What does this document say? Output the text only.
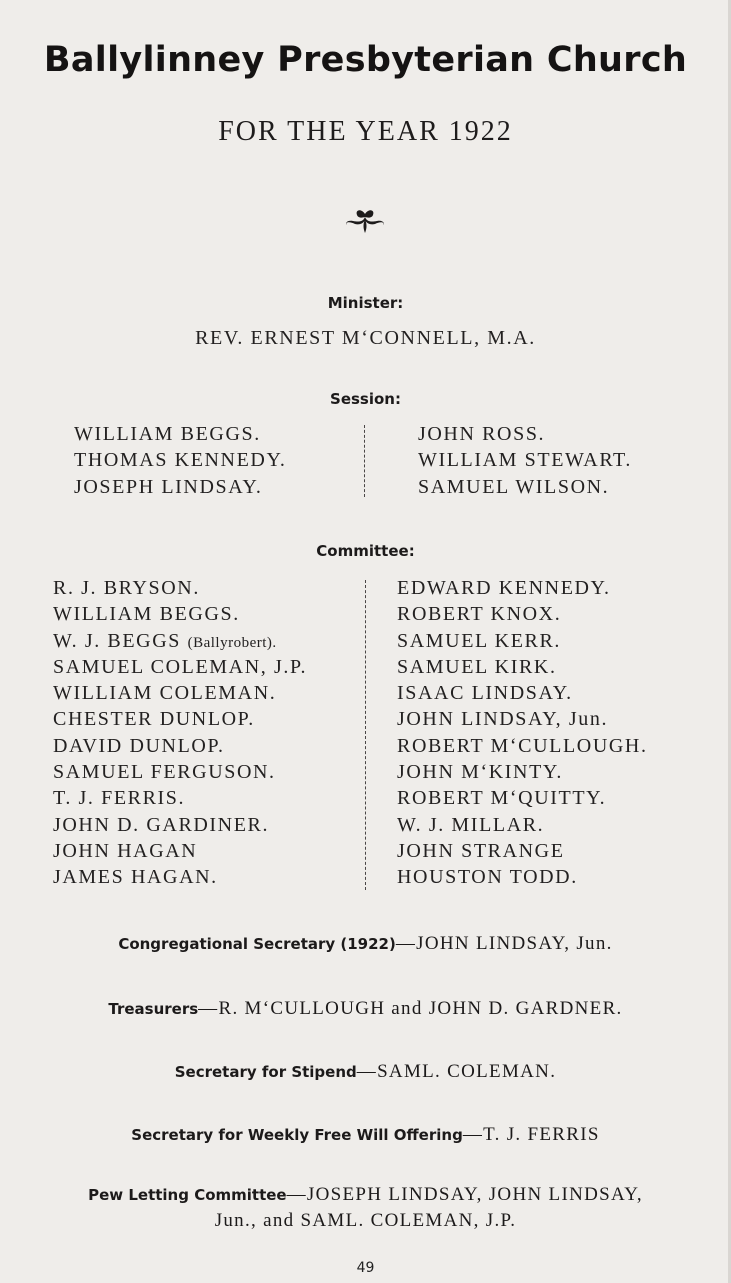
Ballylinney Presbyterian Church
FOR THE YEAR 1922
Minister:
REV. ERNEST M‘CONNELL, M.A.
Session:
WILLIAM BEGGS.
THOMAS KENNEDY.
JOSEPH LINDSAY.
JOHN ROSS.
WILLIAM STEWART.
SAMUEL WILSON.
Committee:
R. J. BRYSON.
WILLIAM BEGGS.
W. J. BEGGS (Ballyrobert).
SAMUEL COLEMAN, J.P.
WILLIAM COLEMAN.
CHESTER DUNLOP.
DAVID DUNLOP.
SAMUEL FERGUSON.
T. J. FERRIS.
JOHN D. GARDINER.
JOHN HAGAN
JAMES HAGAN.
EDWARD KENNEDY.
ROBERT KNOX.
SAMUEL KERR.
SAMUEL KIRK.
ISAAC LINDSAY.
JOHN LINDSAY, Jun.
ROBERT M‘CULLOUGH.
JOHN M‘KINTY.
ROBERT M‘QUITTY.
W. J. MILLAR.
JOHN STRANGE
HOUSTON TODD.
Congregational Secretary (1922)—JOHN LINDSAY, Jun.
Treasurers—R. M‘CULLOUGH and JOHN D. GARDNER.
Secretary for Stipend—SAML. COLEMAN.
Secretary for Weekly Free Will Offering—T. J. FERRIS
Pew Letting Committee—JOSEPH LINDSAY, JOHN LINDSAY,
Jun., and SAML. COLEMAN, J.P.
49
